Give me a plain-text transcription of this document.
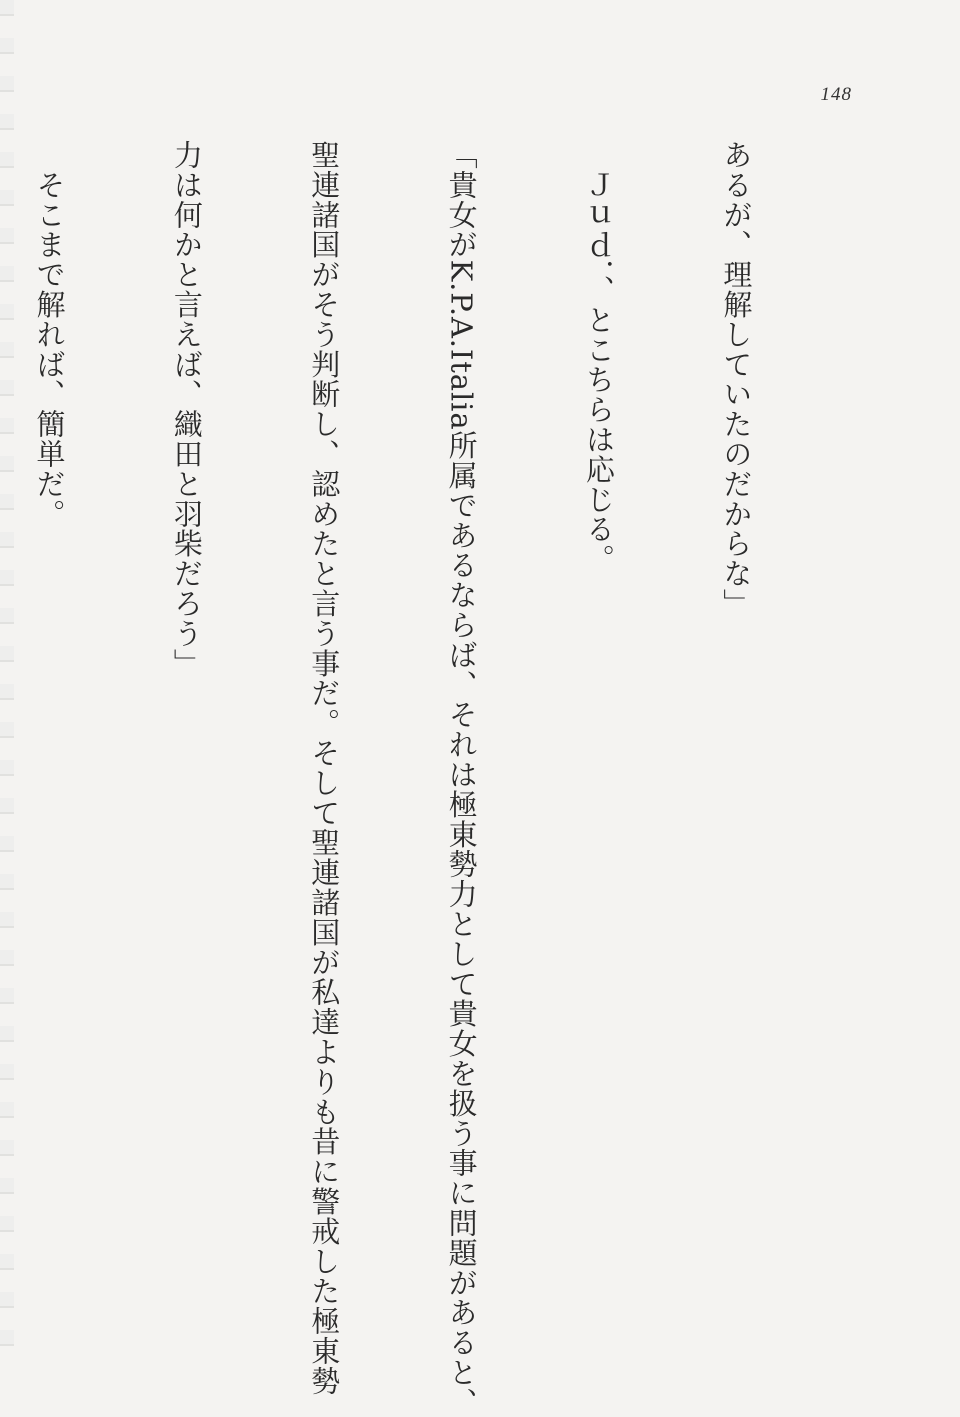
148

あるが、理解していたのだからな」

　Ｊｕｄ．、とこちらは応じる。

「貴女がK.P.A.Italia所属であるならば、それは極東勢力として貴女を扱う事に問題があると、

聖連諸国がそう判断し、認めたと言う事だ。そして聖連諸国が私達よりも昔に警戒した極東勢

力は何かと言えば、織田と羽柴だろう」

　そこまで解れば、簡単だ。
